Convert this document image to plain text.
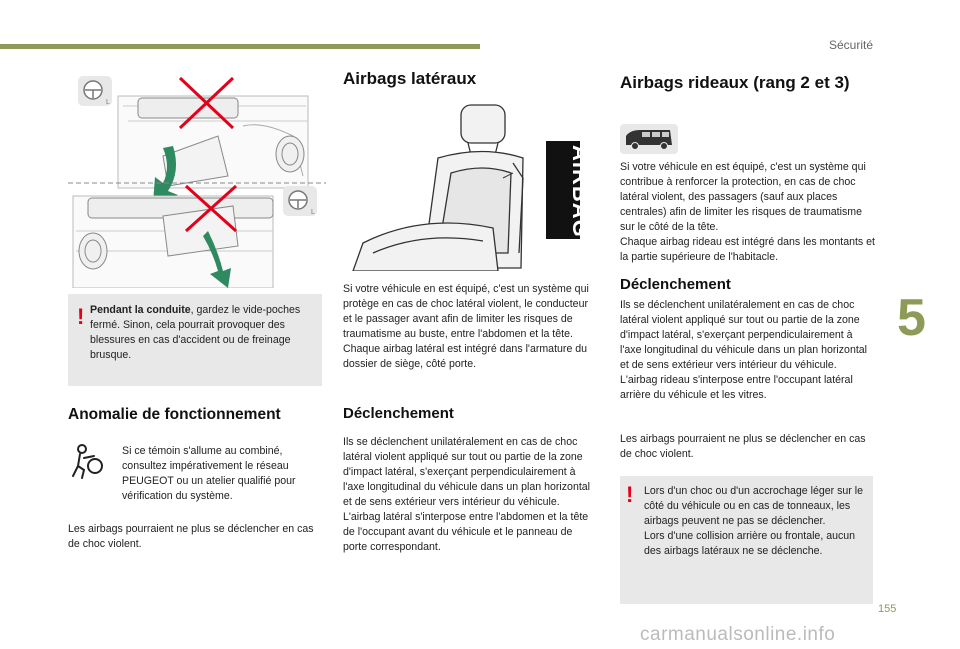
Sécurité
5
155
carmanualsonline.info
L
L
! Pendant la conduite, gardez le vide-poches fermé. Sinon, cela pourrait provoquer des blessures en cas d'accident ou de freinage brusque.

Anomalie de fonctionnement

Si ce témoin s'allume au combiné, consultez impérativement le réseau PEUGEOT ou un atelier qualifié pour vérification du système.

Les airbags pourraient ne plus se déclencher en cas de choc violent.

Airbags latéraux
AIRBAG

Si votre véhicule en est équipé, c'est un système qui protège en cas de choc latéral violent, le conducteur et le passager avant afin de limiter les risques de traumatisme au buste, entre l'abdomen et la tête.
Chaque airbag latéral est intégré dans l'armature du dossier de siège, côté porte.

Déclenchement

Ils se déclenchent unilatéralement en cas de choc latéral violent appliqué sur tout ou partie de la zone d'impact latéral, s'exerçant perpendiculairement à l'axe longitudinal du véhicule dans un plan horizontal et de sens extérieur vers intérieur du véhicule.
L'airbag latéral s'interpose entre l'abdomen et la tête de l'occupant avant du véhicule et le panneau de porte correspondant.

Airbags rideaux (rang 2 et 3)

Si votre véhicule en est équipé, c'est un système qui contribue à renforcer la protection, en cas de choc latéral violent, des passagers (sauf aux places centrales) afin de limiter les risques de traumatisme sur le côté de la tête.
Chaque airbag rideau est intégré dans les montants et la partie supérieure de l'habitacle.

Déclenchement

Ils se déclenchent unilatéralement en cas de choc latéral violent appliqué sur tout ou partie de la zone d'impact latéral, s'exerçant perpendiculairement à l'axe longitudinal du véhicule dans un plan horizontal et de sens extérieur vers intérieur du véhicule.
L'airbag rideau s'interpose entre l'occupant latéral arrière du véhicule et les vitres.

Les airbags pourraient ne plus se déclencher en cas de choc violent.

! Lors d'un choc ou d'un accrochage léger sur le côté du véhicule ou en cas de tonneaux, les airbags peuvent ne pas se déclencher.
Lors d'une collision arrière ou frontale, aucun des airbags latéraux ne se déclenche.
